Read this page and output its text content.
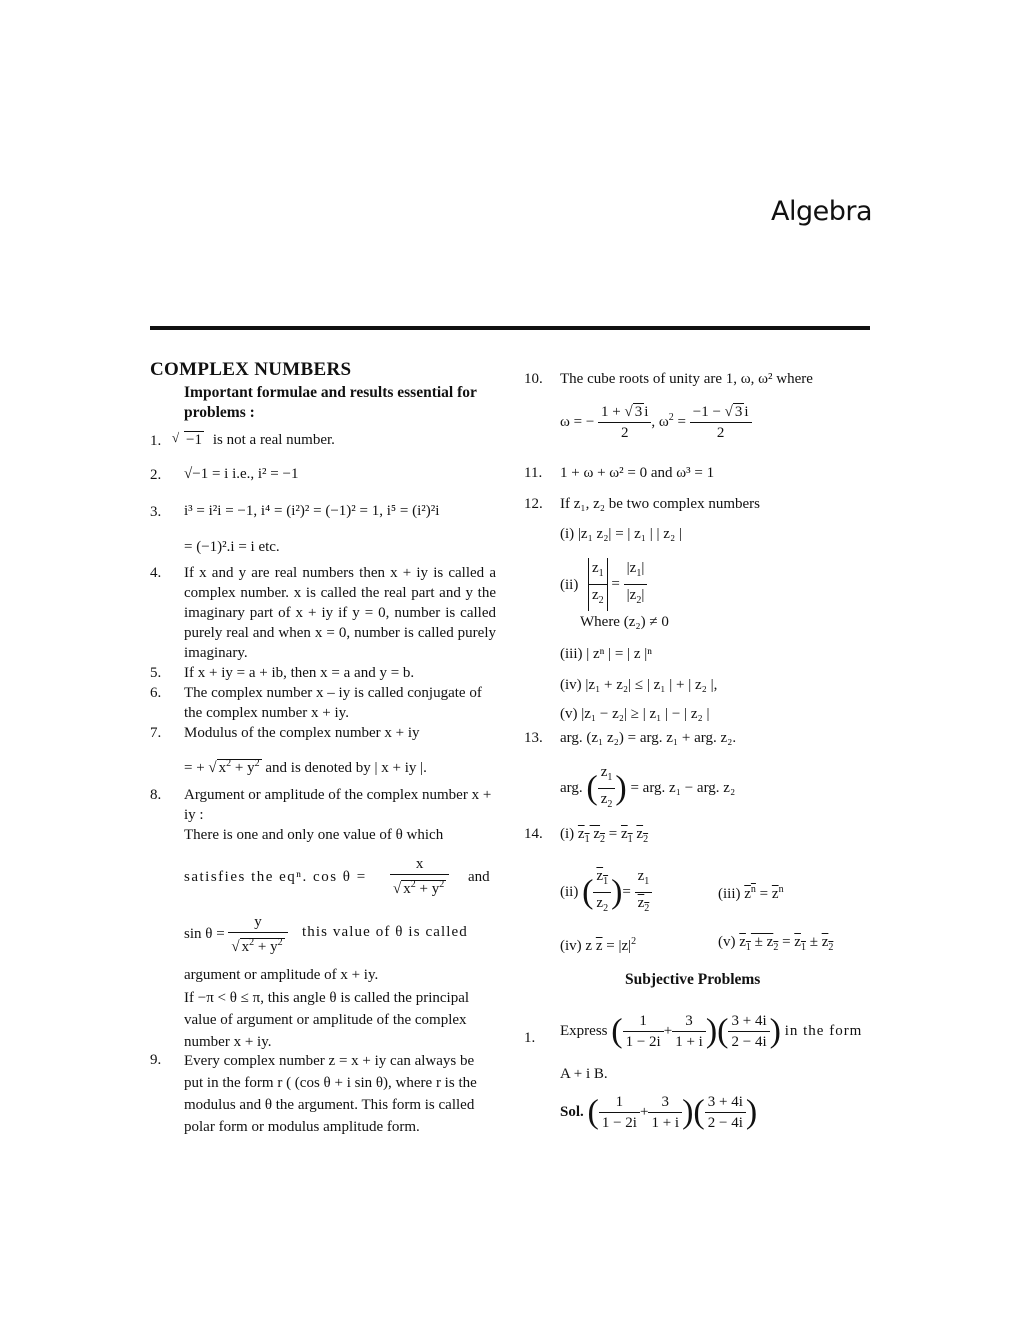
Algebra
COMPLEX NUMBERS
Important formulae and results essential for problems :
1. −1√ is not a real number.
2. √−1 = i i.e., i² = −1
3. i³ = i²i = −1, i⁴ = (i²)² = (−1)² = 1, i⁵ = (i²)²i
= (−1)².i = i etc.
4. If x and y are real numbers then x + iy is called a complex number. x is called the real part and y the imaginary part of x + iy if y = 0, number is called purely real and when x = 0, number is called purely imaginary.
5. If x + iy = a + ib, then x = a and y = b.
6. The complex number x – iy is called conjugate of the complex number x + iy.
7. Modulus of the complex number x + iy
= + √ $x^2 + y^2$ and is denoted by | x + iy |.
8. Argument or amplitude of the complex number x + iy :
There is one and only one value of θ which
satisfies the eqⁿ. $\cos \theta = \frac{x}{√ x^2 + y^2}$ and
$\sin \theta = \frac{y}{√ x^2 + y^2}$ this value of θ is called
argument or amplitude of x + iy.
If −π < θ ≤ π, this angle θ is called the principal value of argument or amplitude of the complex number x + iy.
9. Every complex number z = x + iy can always be put in the form r ( (cos θ + i sin θ), where r is the modulus and θ the argument. This form is called polar form or modulus amplitude form.
10. The cube roots of unity are 1, ω, ω² where
ω = − $\frac{1 + √ 3 i}{2}$ , $\omega^2 = \frac{-1 - √ 3 i}{2}$
11. 1 + ω + ω² = 0 and ω³ = 1
12. If z₁, z₂ be two complex numbers
(i) |z₁ z₂| = | z₁ | | z₂ |
$(ii) \frac{z_1}{z_2} = \frac{|z_1|}{|z_2|}$
Where (z₂) ≠ 0
(iii) | zⁿ | = | z |ⁿ
(iv) |z₁ + z₂| ≤ | z₁ | + | z₂ |,
(v) |z₁ − z₂| ≥ | z₁ | − | z₂ |
13. arg. (z₁ z₂) = arg. z₁ + arg. z₂.
arg. ( $\frac{z_1}{z_2}$ ) = arg. z₁ − arg. z₂
14. (i) $z_1$ $z_2 = z_1$ $z_2$
(ii) ( $\frac{z_1}{z_2}$ )= $\frac{z_1}{z_2}$	(iii) $z^n = \overline{z}^n$
(iv) z $\overline{z} = |z|^2$	(v) $z_1 \pm z_2 = z_1 \pm z_2$
Subjective Problems
1. Express ( $\frac{1}{1 - 2i} + \frac{3}{1 + i}$ )( $\frac{3 + 4i}{2 - 4i}$ ) in the form
A + i B.
Sol. ( $\frac{1}{1 - 2i} + \frac{3}{1 + i}$ )( $\frac{3 + 4i}{2 - 4i}$ )
